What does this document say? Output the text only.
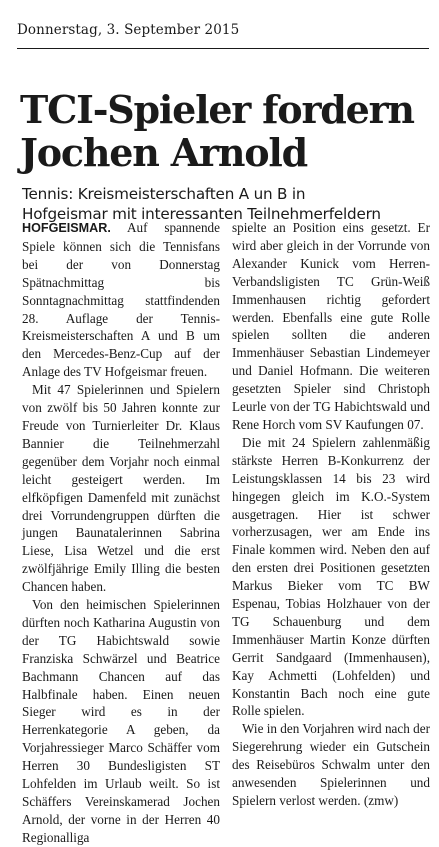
Donnerstag, 3. September 2015
TCI-Spieler fordern
Jochen Arnold
Tennis: Kreismeisterschaften A un B in
Hofgeismar mit interessanten Teilnehmerfeldern

HOFGEISMAR. Auf spannende Spiele können sich die Tennisfans bei der von Donnerstag Spätnachmittag bis Sonntagnachmittag stattfindenden 28. Auflage der Tennis-Kreismeisterschaften A und B um den Mercedes-Benz-Cup auf der Anlage des TV Hofgeismar freuen.

Mit 47 Spielerinnen und Spielern von zwölf bis 50 Jahren konnte zur Freude von Turnierleiter Dr. Klaus Bannier die Teilnehmerzahl gegenüber dem Vorjahr noch einmal leicht gesteigert werden. Im elfköpfigen Damenfeld mit zunächst drei Vorrundengruppen dürften die jungen Baunatalerinnen Sabrina Liese, Lisa Wetzel und die erst zwölfjährige Emily Illing die besten Chancen haben.

Von den heimischen Spielerinnen dürften noch Katharina Augustin von der TG Habichtswald sowie Franziska Schwärzel und Beatrice Bachmann Chancen auf das Halbfinale haben. Einen neuen Sieger wird es in der Herrenkategorie A geben, da Vorjahressieger Marco Schäffer vom Herren 30 Bundesligisten ST Lohfelden im Urlaub weilt. So ist Schäffers Vereinskamerad Jochen Arnold, der vorne in der Herren 40 Regionalliga

spielte an Position eins gesetzt. Er wird aber gleich in der Vorrunde von Alexander Kunick vom Herren-Verbandsligisten TC Grün-Weiß Immenhausen richtig gefordert werden. Ebenfalls eine gute Rolle spielen sollten die anderen Immenhäuser Sebastian Lindemeyer und Daniel Hofmann. Die weiteren gesetzten Spieler sind Christoph Leurle von der TG Habichtswald und Rene Horch vom SV Kaufungen 07.

Die mit 24 Spielern zahlenmäßig stärkste Herren B-Konkurrenz der Leistungsklassen 14 bis 23 wird hingegen gleich im K.O.-System ausgetragen. Hier ist schwer vorherzusagen, wer am Ende ins Finale kommen wird. Neben den auf den ersten drei Positionen gesetzten Markus Bieker vom TC BW Espenau, Tobias Holzhauer von der TG Schauenburg und dem Immenhäuser Martin Konze dürften Gerrit Sandgaard (Immenhausen), Kay Achmetti (Lohfelden) und Konstantin Bach noch eine gute Rolle spielen.

Wie in den Vorjahren wird nach der Siegerehrung wieder ein Gutschein des Reisebüros Schwalm unter den anwesenden Spielerinnen und Spielern verlost werden. (zmw)
